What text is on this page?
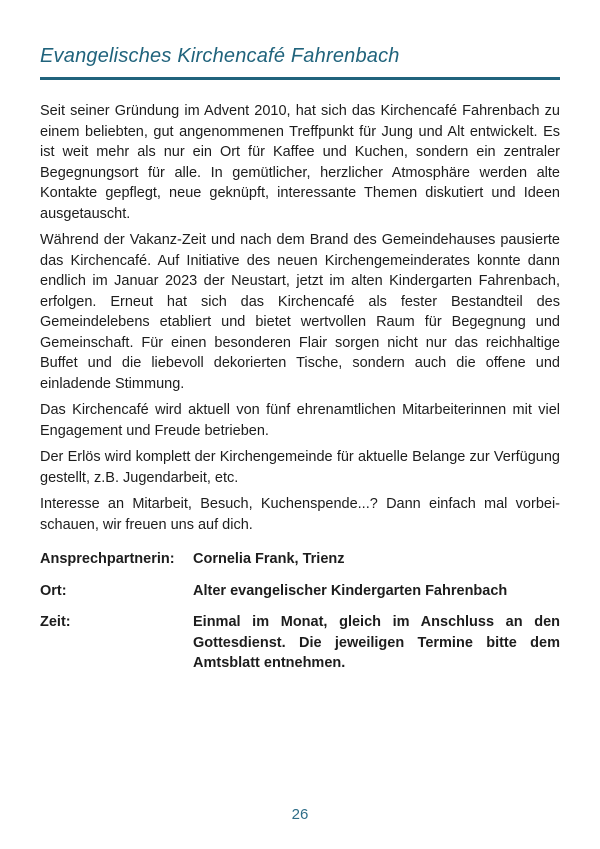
Evangelisches Kirchencafé Fahrenbach

Seit seiner Gründung im Advent 2010, hat sich das Kirchencafé Fahrenbach zu einem beliebten, gut angenommenen Treffpunkt für Jung und Alt entwickelt. Es ist weit mehr als nur ein Ort für Kaffee und Kuchen, sondern ein zentraler Begegnungsort für alle. In gemütlicher, herzlicher Atmosphäre werden alte Kontakte gepflegt, neue geknüpft, interessante Themen diskutiert und Ideen ausgetauscht.

Während der Vakanz-Zeit und nach dem Brand des Gemeindehauses pausierte das Kirchencafé. Auf Initiative des neuen Kirchengemeinderates konnte dann endlich im Januar 2023 der Neustart, jetzt im alten Kindergarten Fahrenbach, erfolgen. Erneut hat sich das Kirchencafé als fester Bestandteil des Gemeindelebens etabliert und bietet wertvollen Raum für Begegnung und Gemeinschaft. Für einen besonderen Flair sorgen nicht nur das reichhaltige Buffet und die liebevoll dekorierten Tische, sondern auch die offene und einladende Stimmung.

Das Kirchencafé wird aktuell von fünf ehrenamtlichen Mitarbeiterinnen mit viel Engagement und Freude betrieben.

Der Erlös wird komplett der Kirchengemeinde für aktuelle Belange zur Verfügung gestellt, z.B. Jugendarbeit, etc.

Interesse an Mitarbeit, Besuch, Kuchenspende...? Dann einfach mal vorbei-schauen, wir freuen uns auf dich.

Ansprechpartnerin:	Cornelia Frank, Trienz
Ort:	Alter evangelischer Kindergarten Fahrenbach
Zeit:	Einmal im Monat, gleich im Anschluss an den Gottesdienst. Die jeweiligen Termine bitte dem Amtsblatt entnehmen.
26
